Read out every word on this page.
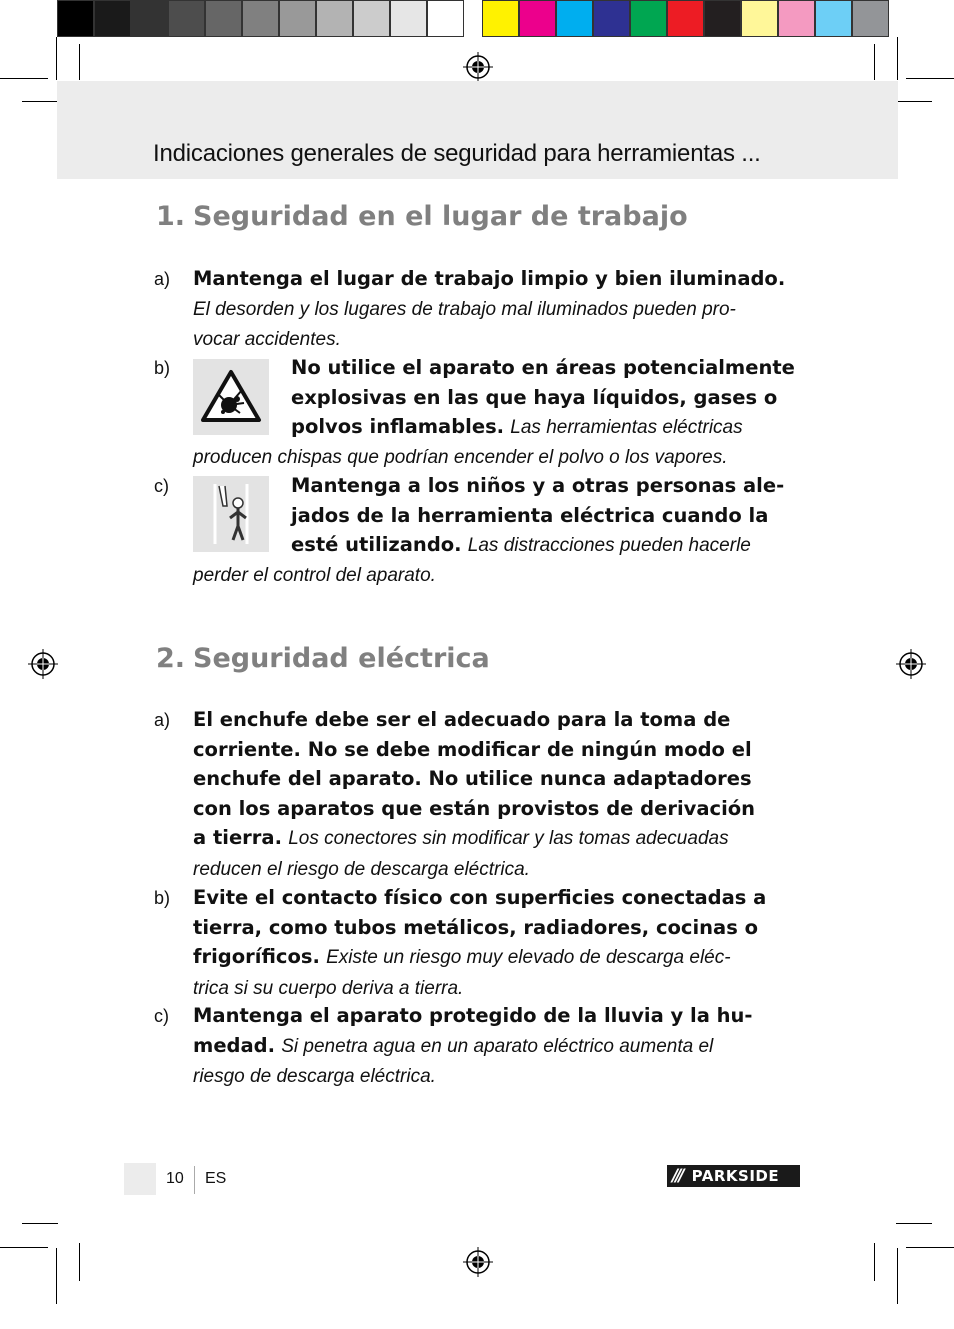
Indicaciones generales de seguridad para herramientas ...
1. Seguridad en el lugar de trabajo
a) Mantenga el lugar de trabajo limpio y bien iluminado.
El desorden y los lugares de trabajo mal iluminados pueden pro-
vocar accidentes.
b)	No utilice el aparato en áreas potencialmente
explosivas en las que haya líquidos, gases o
polvos inflamables. Las herramientas eléctricas
producen chispas que podrían encender el polvo o los vapores.
c)	Mantenga a los niños y a otras personas ale-
jados de la herramienta eléctrica cuando la
esté utilizando. Las distracciones pueden hacerle
perder el control del aparato.
2. Seguridad eléctrica
a) El enchufe debe ser el adecuado para la toma de
corriente. No se debe modificar de ningún modo el
enchufe del aparato. No utilice nunca adaptadores
con los aparatos que están provistos de derivación
a tierra. Los conectores sin modificar y las tomas adecuadas
reducen el riesgo de descarga eléctrica.
b) Evite el contacto físico con superficies conectadas a
tierra, como tubos metálicos, radiadores, cocinas o
frigoríficos. Existe un riesgo muy elevado de descarga eléc-
trica si su cuerpo deriva a tierra.
c) Mantenga el aparato protegido de la lluvia y la hu-
medad. Si penetra agua en un aparato eléctrico aumenta el
riesgo de descarga eléctrica.
10 ES	/// PARKSIDE
